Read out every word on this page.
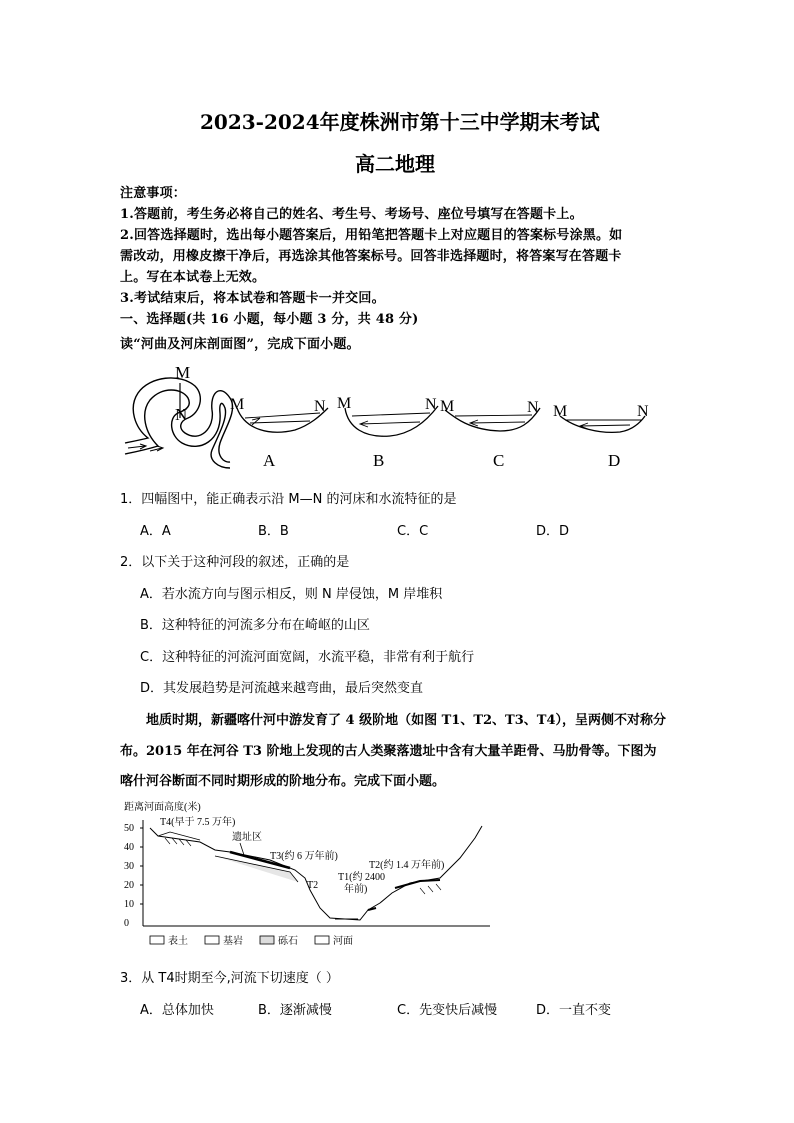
2023-2024年度株洲市第十三中学期末考试
高二地理
注意事项：
1.答题前，考生务必将自己的姓名、考生号、考场号、座位号填写在答题卡上。
2.回答选择题时，选出每小题答案后，用铅笔把答题卡上对应题目的答案标号涂黑。如
需改动，用橡皮擦干净后，再选涂其他答案标号。回答非选择题时，将答案写在答题卡
上。写在本试卷上无效。
3.考试结束后，将本试卷和答题卡一并交回。
一、选择题(共 16 小题，每小题 3 分，共 48 分)
读“河曲及河床剖面图”，完成下面小题。
M
N
M	N
A
M	N
B
M	N
C
M	N
D
1．四幅图中，能正确表示沿 M—N 的河床和水流特征的是
A．A	B．B	C．C	D．D
2．以下关于这种河段的叙述，正确的是
A．若水流方向与图示相反，则 N 岸侵蚀，M 岸堆积
B．这种特征的河流多分布在崎岖的山区
C．这种特征的河流河面宽阔，水流平稳，非常有利于航行
D．其发展趋势是河流越来越弯曲，最后突然变直
地质时期，新疆喀什河中游发育了 4 级阶地（如图 T1、T2、T3、T4），呈两侧不对称分
布。2015 年在河谷 T3 阶地上发现的古人类聚落遗址中含有大量羊距骨、马肋骨等。下图为
喀什河谷断面不同时期形成的阶地分布。完成下面小题。
距离河面高度(米)
50
40
30
20
10
0
T4(早于 7.5 万年)
遗址区
T3(约 6 万年前)
T2
T2(约 1.4 万年前)
T1(约 2400
年前)
表土	基岩	砾石	河面
3．从 T4时期至今,河流下切速度（ ）
A．总体加快	B．逐渐减慢	C．先变快后减慢	D．一直不变
